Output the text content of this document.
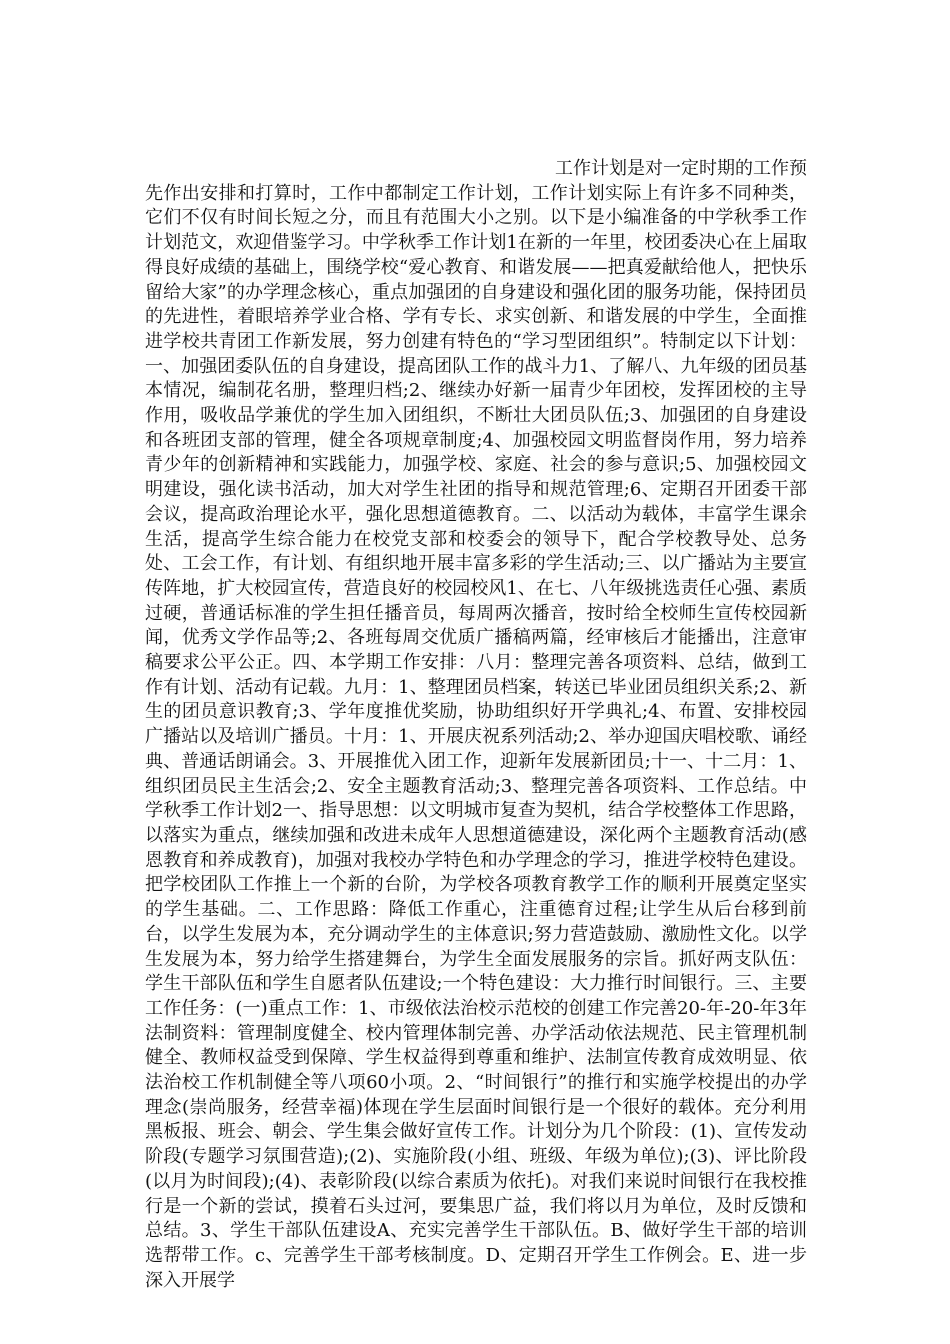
工作计划是对一定时期的工作预先作出安排和打算时，工作中都制定工作计划，工作计划实际上有许多不同种类，它们不仅有时间长短之分，而且有范围大小之别。以下是小编准备的中学秋季工作计划范文，欢迎借鉴学习。中学秋季工作计划1在新的一年里，校团委决心在上届取得良好成绩的基础上，围绕学校“爱心教育、和谐发展——把真爱献给他人，把快乐留给大家”的办学理念核心，重点加强团的自身建设和强化团的服务功能，保持团员的先进性，着眼培养学业合格、学有专长、求实创新、和谐发展的中学生，全面推进学校共青团工作新发展，努力创建有特色的“学习型团组织”。特制定以下计划：一、加强团委队伍的自身建设，提高团队工作的战斗力1、了解八、九年级的团员基本情况，编制花名册，整理归档;2、继续办好新一届青少年团校，发挥团校的主导作用，吸收品学兼优的学生加入团组织，不断壮大团员队伍;3、加强团的自身建设和各班团支部的管理，健全各项规章制度;4、加强校园文明监督岗作用，努力培养青少年的创新精神和实践能力，加强学校、家庭、社会的参与意识;5、加强校园文明建设，强化读书活动，加大对学生社团的指导和规范管理;6、定期召开团委干部会议，提高政治理论水平，强化思想道德教育。二、以活动为载体，丰富学生课余生活，提高学生综合能力在校党支部和校委会的领导下，配合学校教导处、总务处、工会工作，有计划、有组织地开展丰富多彩的学生活动;三、以广播站为主要宣传阵地，扩大校园宣传，营造良好的校园校风1、在七、八年级挑选责任心强、素质过硬，普通话标准的学生担任播音员，每周两次播音，按时给全校师生宣传校园新闻，优秀文学作品等;2、各班每周交优质广播稿两篇，经审核后才能播出，注意审稿要求公平公正。四、本学期工作安排：八月：整理完善各项资料、总结，做到工作有计划、活动有记载。九月：1、整理团员档案，转送已毕业团员组织关系;2、新生的团员意识教育;3、学年度推优奖励，协助组织好开学典礼;4、布置、安排校园广播站以及培训广播员。十月：1、开展庆祝系列活动;2、举办迎国庆唱校歌、诵经典、普通话朗诵会。3、开展推优入团工作，迎新年发展新团员;十一、十二月：1、组织团员民主生活会;2、安全主题教育活动;3、整理完善各项资料、工作总结。中学秋季工作计划2一、指导思想：以文明城市复查为契机，结合学校整体工作思路，以落实为重点，继续加强和改进未成年人思想道德建设，深化两个主题教育活动(感恩教育和养成教育)，加强对我校办学特色和办学理念的学习，推进学校特色建设。把学校团队工作推上一个新的台阶，为学校各项教育教学工作的顺利开展奠定坚实的学生基础。二、工作思路：降低工作重心，注重德育过程;让学生从后台移到前台，以学生发展为本，充分调动学生的主体意识;努力营造鼓励、激励性文化。以学生发展为本，努力给学生搭建舞台，为学生全面发展服务的宗旨。抓好两支队伍：学生干部队伍和学生自愿者队伍建设;一个特色建设：大力推行时间银行。三、主要工作任务：(一)重点工作：1、市级依法治校示范校的创建工作完善20-年-20-年3年法制资料：管理制度健全、校内管理体制完善、办学活动依法规范、民主管理机制健全、教师权益受到保障、学生权益得到尊重和维护、法制宣传教育成效明显、依法治校工作机制健全等八项60小项。2、“时间银行”的推行和实施学校提出的办学理念(崇尚服务，经营幸福)体现在学生层面时间银行是一个很好的载体。充分利用黑板报、班会、朝会、学生集会做好宣传工作。计划分为几个阶段：(1)、宣传发动阶段(专题学习氛围营造);(2)、实施阶段(小组、班级、年级为单位);(3)、评比阶段(以月为时间段);(4)、表彰阶段(以综合素质为依托)。对我们来说时间银行在我校推行是一个新的尝试，摸着石头过河，要集思广益，我们将以月为单位，及时反馈和总结。3、学生干部队伍建设A、充实完善学生干部队伍。B、做好学生干部的培训选帮带工作。c、完善学生干部考核制度。D、定期召开学生工作例会。E、进一步深入开展学
